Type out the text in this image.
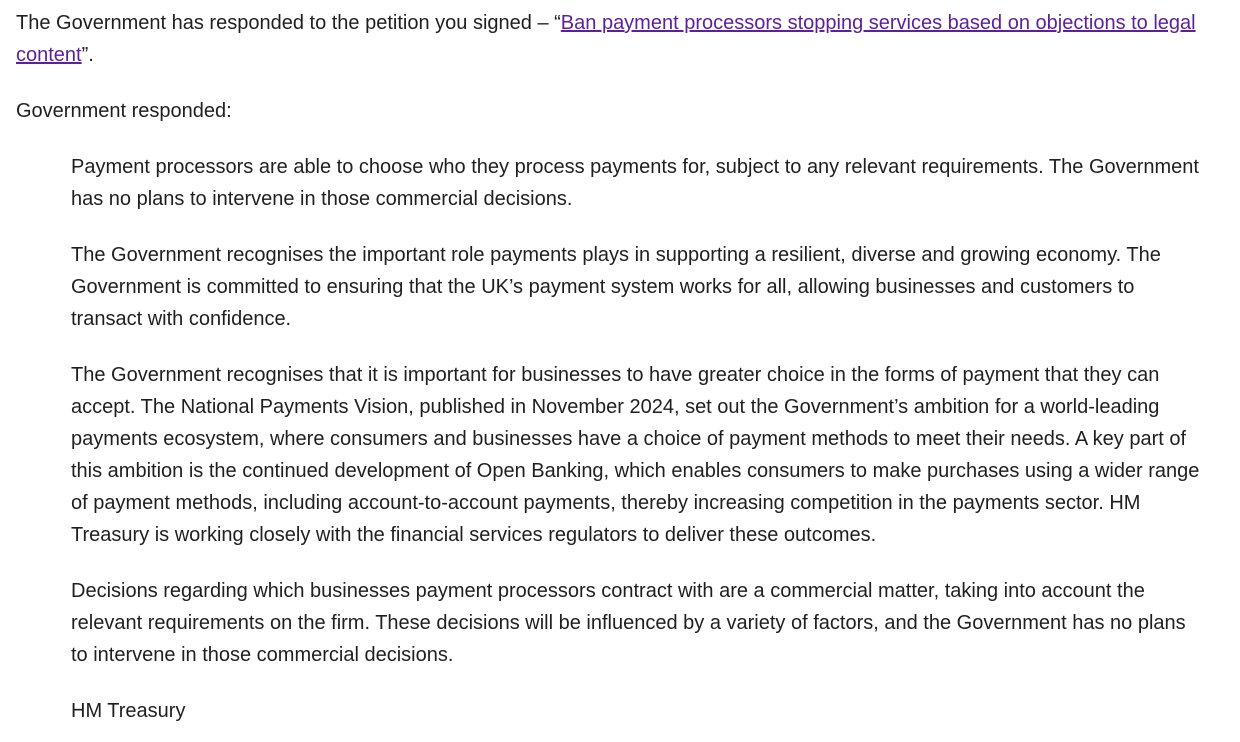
The Government has responded to the petition you signed – “Ban payment processors stopping services based on objections to legal content”.

Government responded:

Payment processors are able to choose who they process payments for, subject to any relevant requirements. The Government has no plans to intervene in those commercial decisions.

The Government recognises the important role payments plays in supporting a resilient, diverse and growing economy. The Government is committed to ensuring that the UK’s payment system works for all, allowing businesses and customers to transact with confidence.

The Government recognises that it is important for businesses to have greater choice in the forms of payment that they can accept. The National Payments Vision, published in November 2024, set out the Government’s ambition for a world-leading payments ecosystem, where consumers and businesses have a choice of payment methods to meet their needs. A key part of this ambition is the continued development of Open Banking, which enables consumers to make purchases using a wider range of payment methods, including account-to-account payments, thereby increasing competition in the payments sector. HM Treasury is working closely with the financial services regulators to deliver these outcomes.

Decisions regarding which businesses payment processors contract with are a commercial matter, taking into account the relevant requirements on the firm. These decisions will be influenced by a variety of factors, and the Government has no plans to intervene in those commercial decisions.

HM Treasury
